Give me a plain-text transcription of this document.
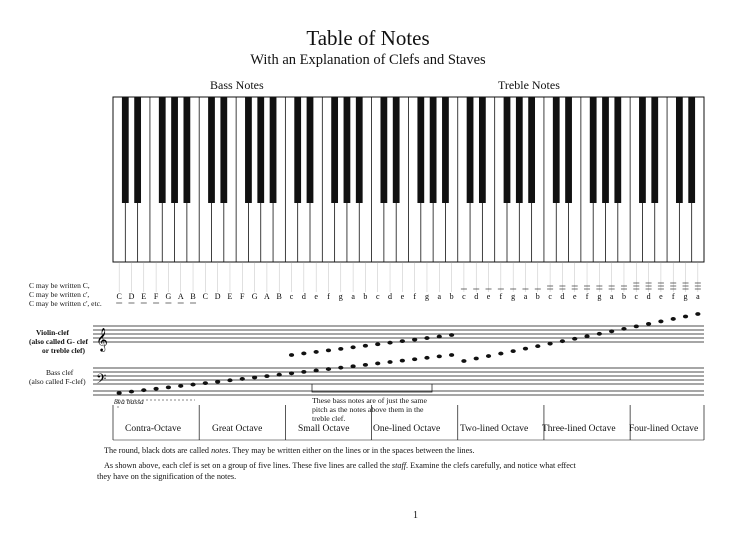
Table of Notes
With an Explanation of Clefs and Staves
Bass Notes	Treble Notes
C D E F G A B C D E F G A B c d e f g a b c d e f g a b c d e f g a b c d e f g a b c d e f g a
𝄞
𝄢
C may be written C,
C may be written c',
C may be written c', etc.
Violin-clef
(also called G- clef
or treble clef)
Bass clef
(also called F-clef)
8va bassa	These bass notes are of just the same pitch as the notes above them in the treble clef.
Contra-Octave	Great Octave	Small Octave One-lined Octave Two-lined Octave Three-lined Octave Four-lined Octave
The round, black dots are called notes. They may be written either on the lines or in the spaces between the lines.
As shown above, each clef is set on a group of five lines. These five lines are called the staff. Examine the clefs carefully, and notice what effect
they have on the signification of the notes.
1
